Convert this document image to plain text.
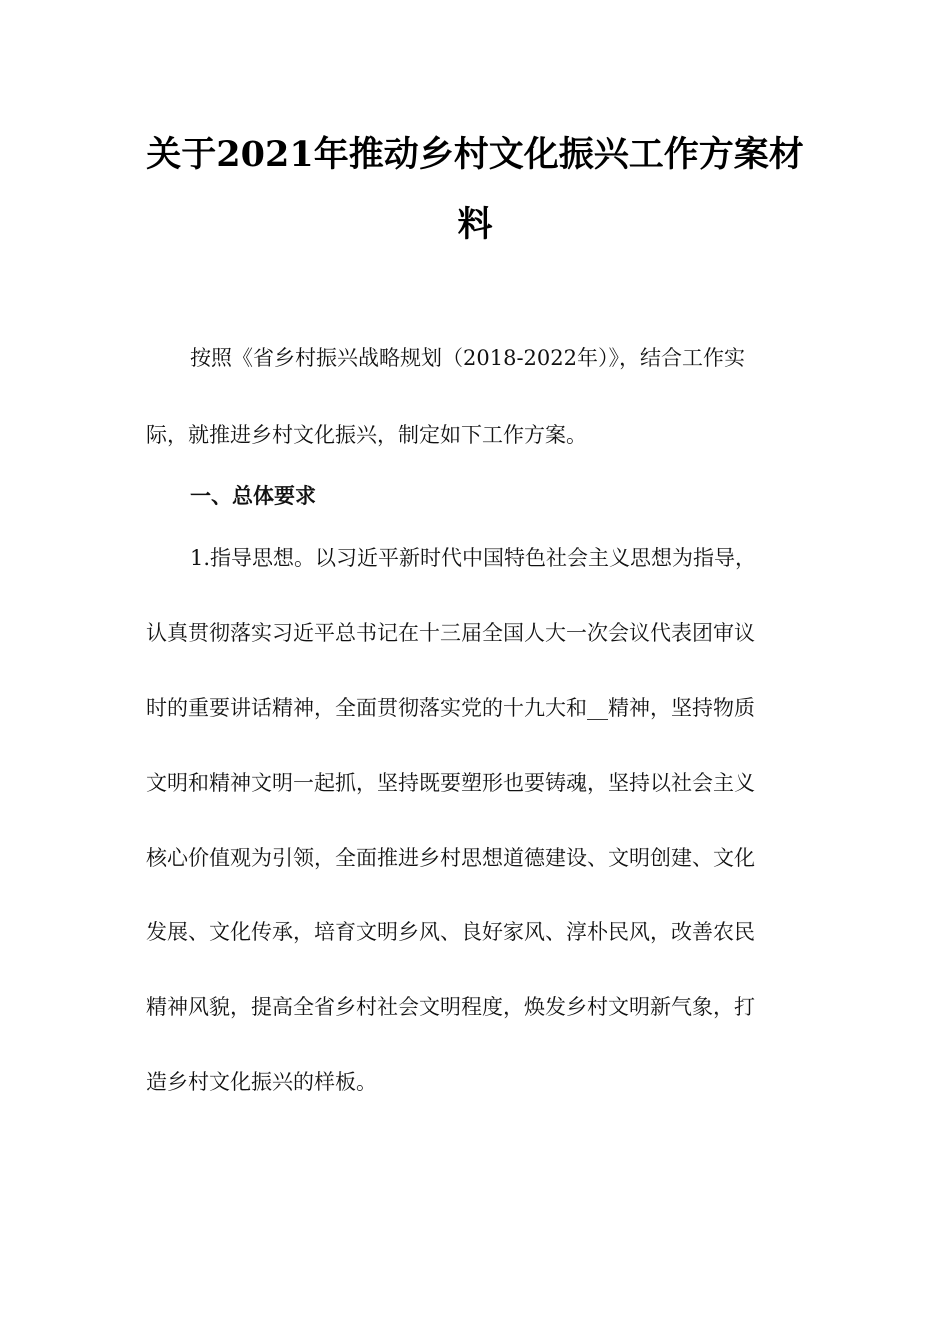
关于2021年推动乡村文化振兴工作方案材
料
按照《省乡村振兴战略规划（2018-2022年）》，结合工作实
际，就推进乡村文化振兴，制定如下工作方案。
一、总体要求
1.指导思想。以习近平新时代中国特色社会主义思想为指导，
认真贯彻落实习近平总书记在十三届全国人大一次会议代表团审议
时的重要讲话精神，全面贯彻落实党的十九大和__精神，坚持物质
文明和精神文明一起抓，坚持既要塑形也要铸魂，坚持以社会主义
核心价值观为引领，全面推进乡村思想道德建设、文明创建、文化
发展、文化传承，培育文明乡风、良好家风、淳朴民风，改善农民
精神风貌，提高全省乡村社会文明程度，焕发乡村文明新气象，打
造乡村文化振兴的样板。
